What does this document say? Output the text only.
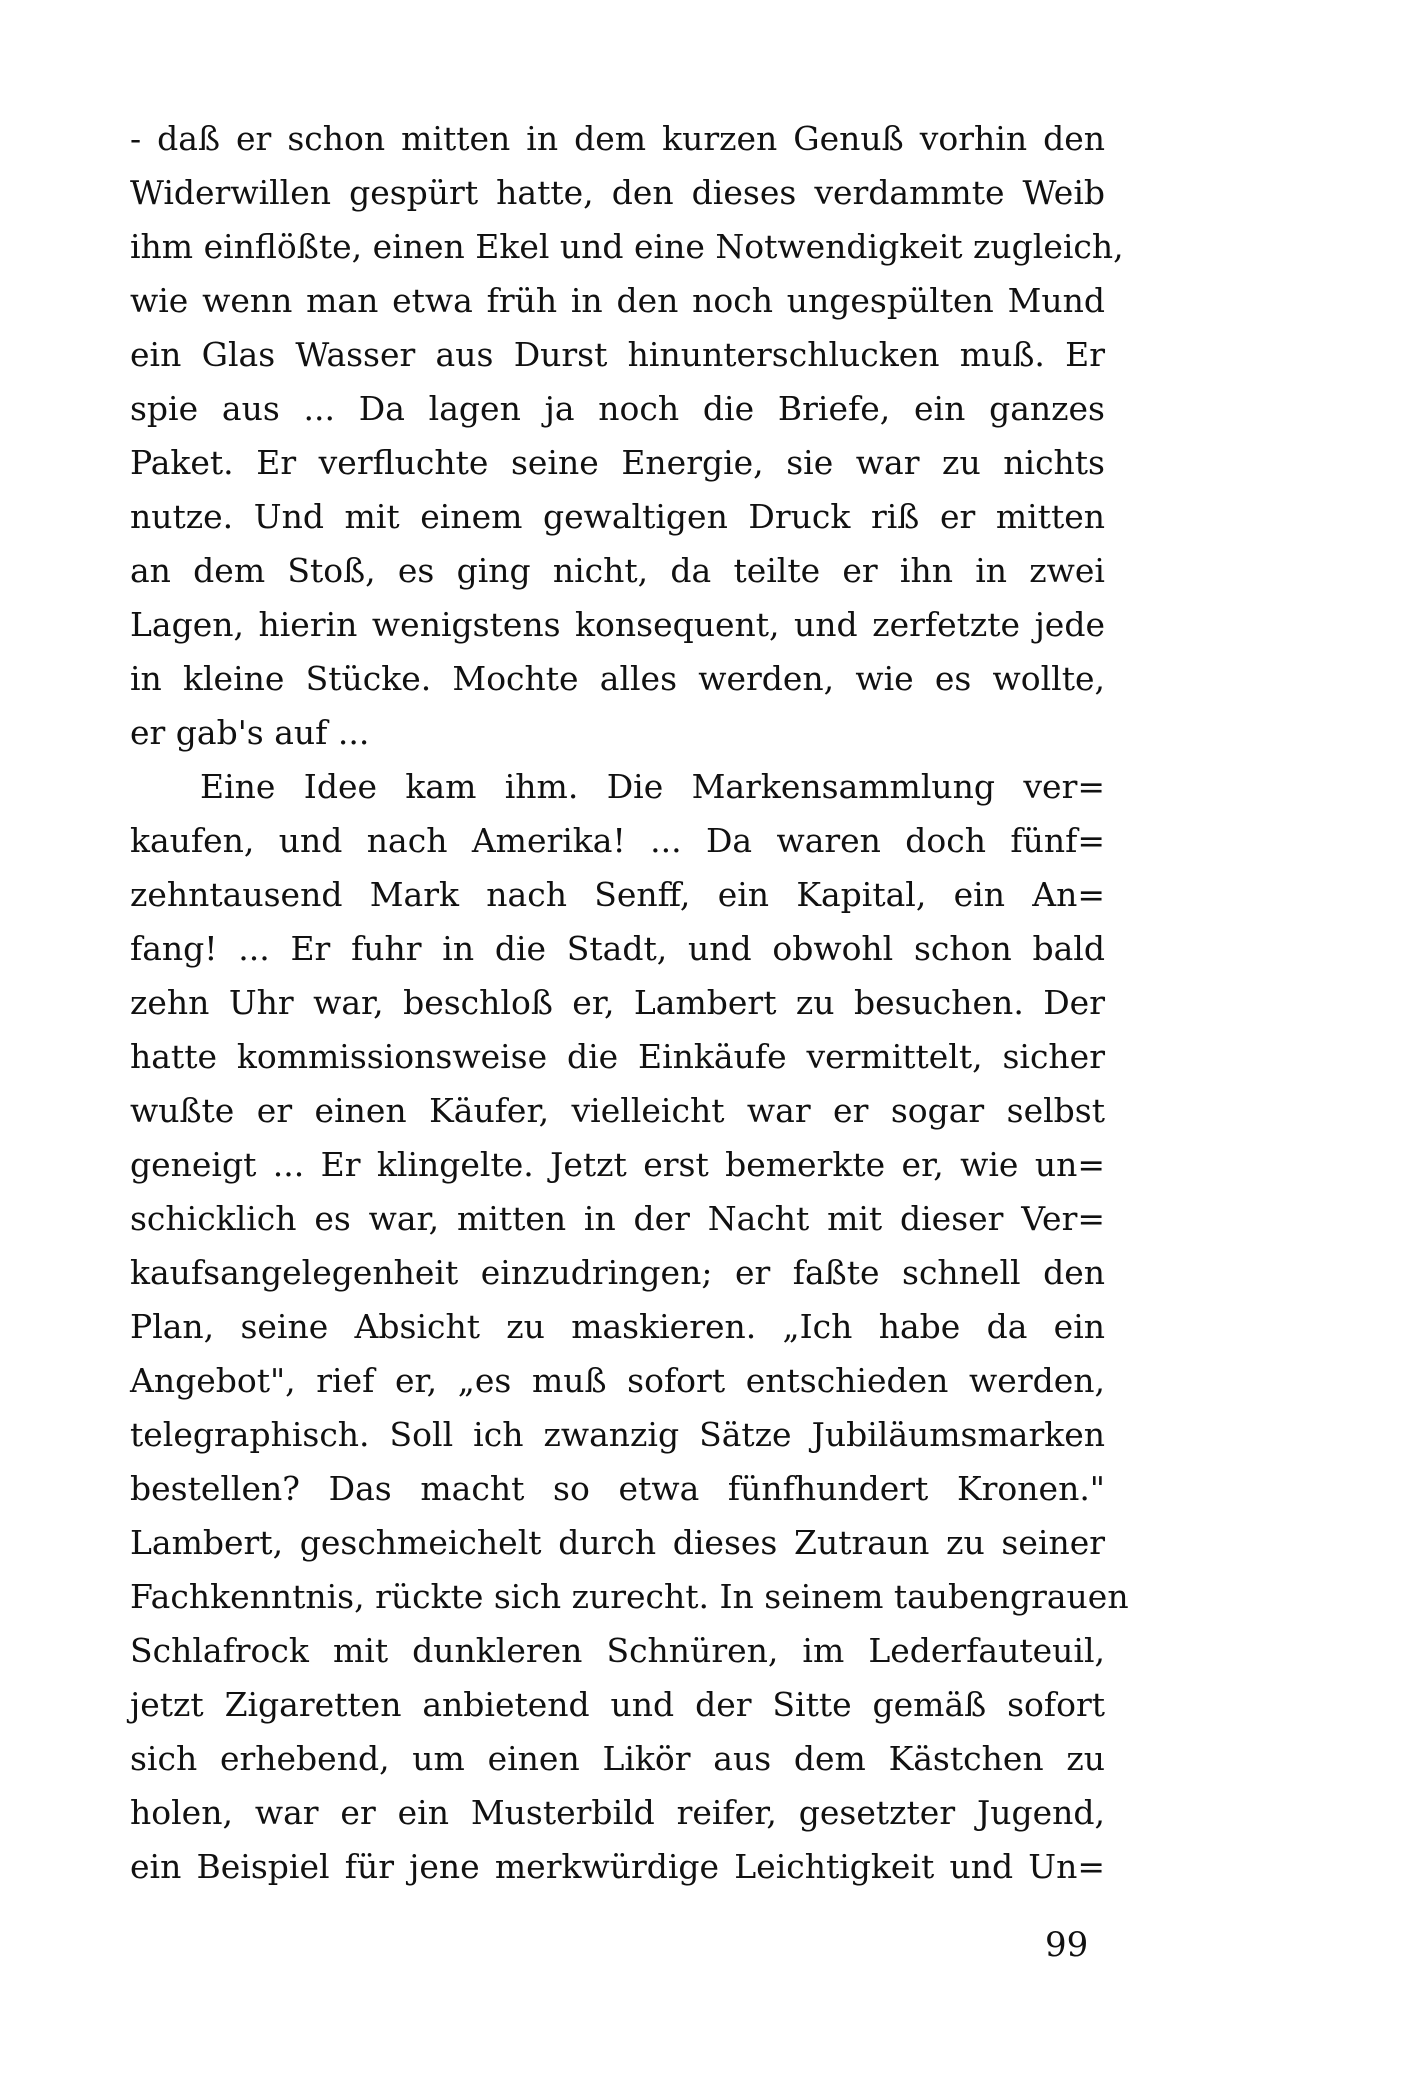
- daß er schon mitten in dem kurzen Genuß vorhin den
Widerwillen gespürt hatte, den dieses verdammte Weib
ihm einflößte, einen Ekel und eine Notwendigkeit zugleich,
wie wenn man etwa früh in den noch ungespülten Mund
ein Glas Wasser aus Durst hinunterschlucken muß. Er
spie aus ... Da lagen ja noch die Briefe, ein ganzes
Paket. Er verfluchte seine Energie, sie war zu nichts
nutze. Und mit einem gewaltigen Druck riß er mitten
an dem Stoß, es ging nicht, da teilte er ihn in zwei
Lagen, hierin wenigstens konsequent, und zerfetzte jede
in kleine Stücke. Mochte alles werden, wie es wollte,
er gab's auf ...
Eine Idee kam ihm. Die Markensammlung ver=
kaufen, und nach Amerika! ... Da waren doch fünf=
zehntausend Mark nach Senff, ein Kapital, ein An=
fang! ... Er fuhr in die Stadt, und obwohl schon bald
zehn Uhr war, beschloß er, Lambert zu besuchen. Der
hatte kommissionsweise die Einkäufe vermittelt, sicher
wußte er einen Käufer, vielleicht war er sogar selbst
geneigt ... Er klingelte. Jetzt erst bemerkte er, wie un=
schicklich es war, mitten in der Nacht mit dieser Ver=
kaufsangelegenheit einzudringen; er faßte schnell den
Plan, seine Absicht zu maskieren. „Ich habe da ein
Angebot", rief er, „es muß sofort entschieden werden,
telegraphisch. Soll ich zwanzig Sätze Jubiläumsmarken
bestellen? Das macht so etwa fünfhundert Kronen."
Lambert, geschmeichelt durch dieses Zutraun zu seiner
Fachkenntnis, rückte sich zurecht. In seinem taubengrauen
Schlafrock mit dunkleren Schnüren, im Lederfauteuil,
jetzt Zigaretten anbietend und der Sitte gemäß sofort
sich erhebend, um einen Likör aus dem Kästchen zu
holen, war er ein Musterbild reifer, gesetzter Jugend,
ein Beispiel für jene merkwürdige Leichtigkeit und Un=
99
